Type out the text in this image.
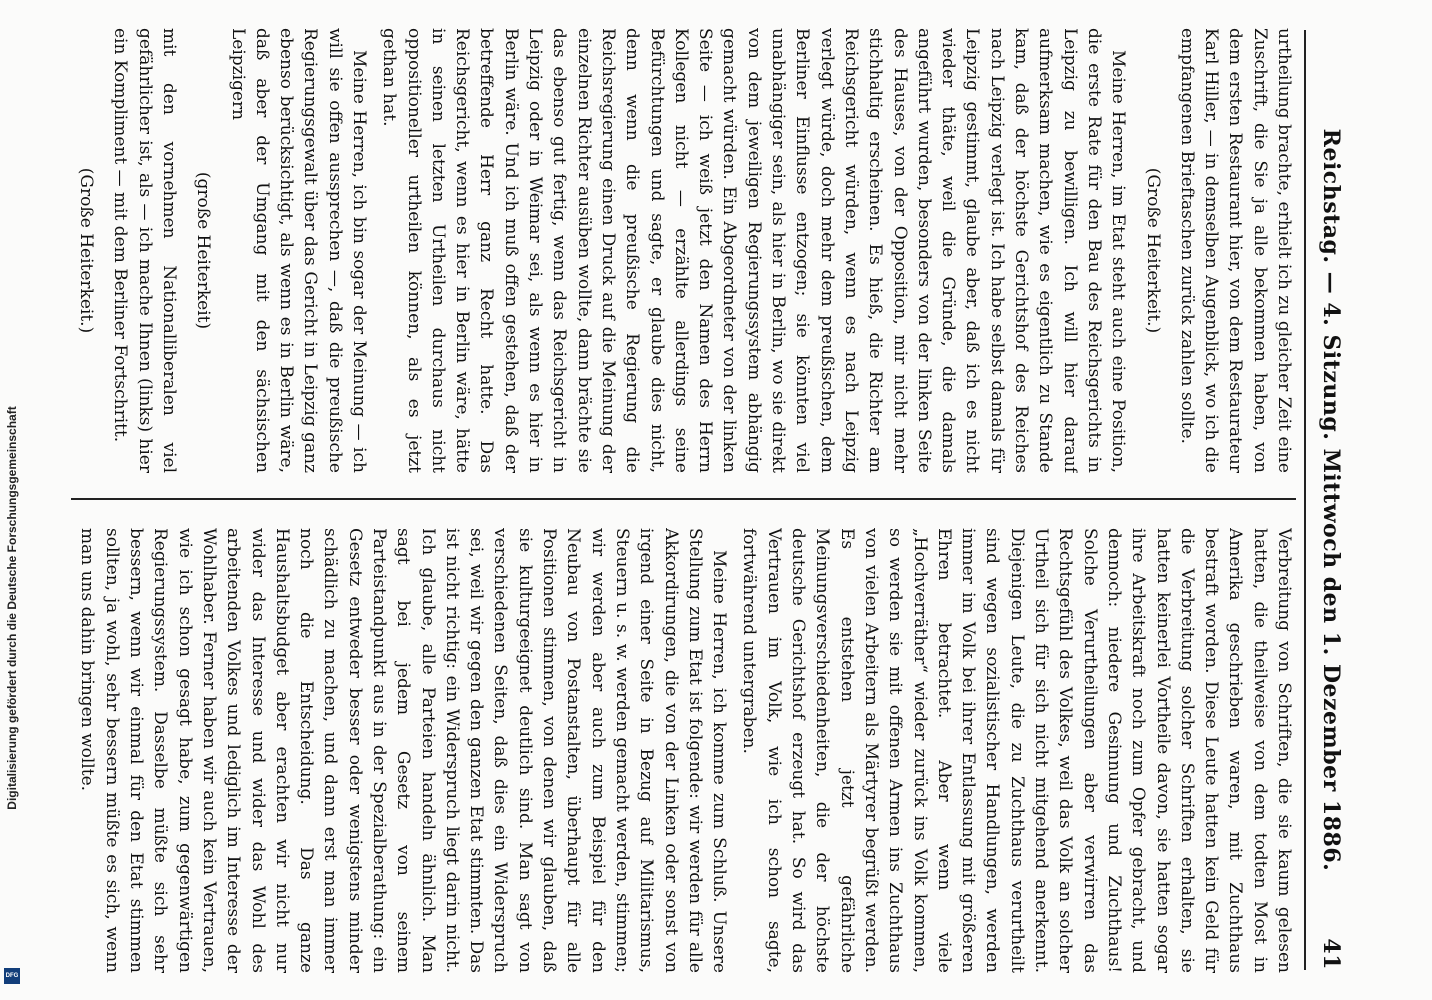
Reichstag. — 4. Sitzung. Mittwoch den 1. Dezember 1886.
41

urtheilung brachte, erhielt ich zu gleicher Zeit eine Zuschrift, die Sie ja alle bekommen haben, von dem ersten Restaurant hier, von dem Restaurateur Karl Hiller, — in demselben Augenblick, wo ich die empfangenen Brieftaschen zurück zahlen sollte.

(Große Heiterkeit.)

Meine Herren, im Etat steht auch eine Position, die erste Rate für den Bau des Reichsgerichts in Leipzig zu bewilligen. Ich will hier darauf aufmerksam machen, wie es eigentlich zu Stande kam, daß der höchste Gerichtshof des Reiches nach Leipzig verlegt ist. Ich habe selbst damals für Leipzig gestimmt, glaube aber, daß ich es nicht wieder thäte, weil die Gründe, die damals angeführt wurden, besonders von der linken Seite des Hauses, von der Opposition, mir nicht mehr stichhaltig erscheinen. Es hieß, die Richter am Reichsgericht würden, wenn es nach Leipzig verlegt würde, doch mehr dem preußischen, dem Berliner Einflusse entzogen; sie könnten viel unabhängiger sein, als hier in Berlin, wo sie direkt von dem jeweiligen Regierungssystem abhängig gemacht würden. Ein Abgeordneter von der linken Seite — ich weiß jetzt den Namen des Herrn Kollegen nicht — erzählte allerdings seine Befürchtungen und sagte, er glaube dies nicht, denn wenn die preußische Regierung die Reichsregierung einen Druck auf die Meinung der einzelnen Richter ausüben wollte, dann brächte sie das ebenso gut fertig, wenn das Reichsgericht in Leipzig oder in Weimar sei, als wenn es hier in Berlin wäre. Und ich muß offen gestehen, daß der betreffende Herr ganz Recht hatte. Das Reichsgericht, wenn es hier in Berlin wäre, hätte in seinen letzten Urtheilen durchaus nicht oppositioneller urtheilen können, als es jetzt gethan hat.

Meine Herren, ich bin sogar der Meinung — ich will sie offen aussprechen —, daß die preußische Regierungsgewalt über das Gericht in Leipzig ganz ebenso berücksichtigt, als wenn es in Berlin wäre, daß aber der Umgang mit den sächsischen Leipzigern

(große Heiterkeit)

mit den vornehmen Nationalliberalen viel gefährlicher ist, als — ich mache Ihnen (links) hier ein Kompliment — mit dem Berliner Fortschritt.

(Große Heiterkeit.)

Verbreitung von Schriften, die sie kaum gelesen hatten, die theilweise von dem todten Most in Amerika geschrieben waren, mit Zuchthaus bestraft worden. Diese Leute hatten kein Geld für die Verbreitung solcher Schriften erhalten, sie hatten keinerlei Vortheile davon, sie hatten sogar ihre Arbeitskraft noch zum Opfer gebracht, und dennoch: niedere Gesinnung und Zuchthaus! Solche Verurtheilungen aber verwirren das Rechtsgefühl des Volkes, weil das Volk an solcher Urtheil sich für sich nicht mitgehend anerkennt. Diejenigen Leute, die zu Zuchthaus verurtheilt sind wegen sozialistischer Handlungen, werden immer im Volk bei ihrer Entlassung mit größeren Ehren betrachtet. Aber wenn viele „Hochverräther“ wieder zurück ins Volk kommen, so werden sie mit offenen Armen ins Zuchthaus von vielen Arbeitern als Märtyrer begrüßt werden. Es entstehen jetzt gefährliche Meinungsverschiedenheiten, die der höchste deutsche Gerichtshof erzeugt hat. So wird das Vertrauen im Volk, wie ich schon sagte, fortwährend untergraben.

Meine Herren, ich komme zum Schluß. Unsere Stellung zum Etat ist folgende: wir werden für alle Akkordirungen, die von der Linken oder sonst von irgend einer Seite in Bezug auf Militarismus, Steuern u. s. w. werden gemacht werden, stimmen; wir werden aber auch zum Beispiel für den Neubau von Postanstalten, überhaupt für alle Positionen stimmen, von denen wir glauben, daß sie kulturgeeignet deutlich sind. Man sagt von verschiedenen Seiten, daß dies ein Widerspruch sei, weil wir gegen den ganzen Etat stimmten. Das ist nicht richtig: ein Widerspruch liegt darin nicht. Ich glaube, alle Parteien handeln ähnlich. Man sagt bei jedem Gesetz von seinem Parteistandpunkt aus in der Spezialberathung: ein Gesetz entweder besser oder wenigstens minder schädlich zu machen, und dann erst man immer noch die Entscheidung. Das ganze Haushaltsbudget aber erachten wir nicht nur wider das Interesse und wider das Wohl des arbeitenden Volkes und lediglich im Interesse der Wohlhaber. Ferner haben wir auch kein Vertrauen, wie ich schon gesagt habe, zum gegenwärtigen Regierungssystem. Dasselbe müßte sich sehr bessern, wenn wir einmal für den Etat stimmen sollten, ja wohl, sehr bessern müßte es sich, wenn man uns dahin bringen wollte.

Digitalisierung gefördert durch die Deutsche Forschungsgemeinschaft
DFG
